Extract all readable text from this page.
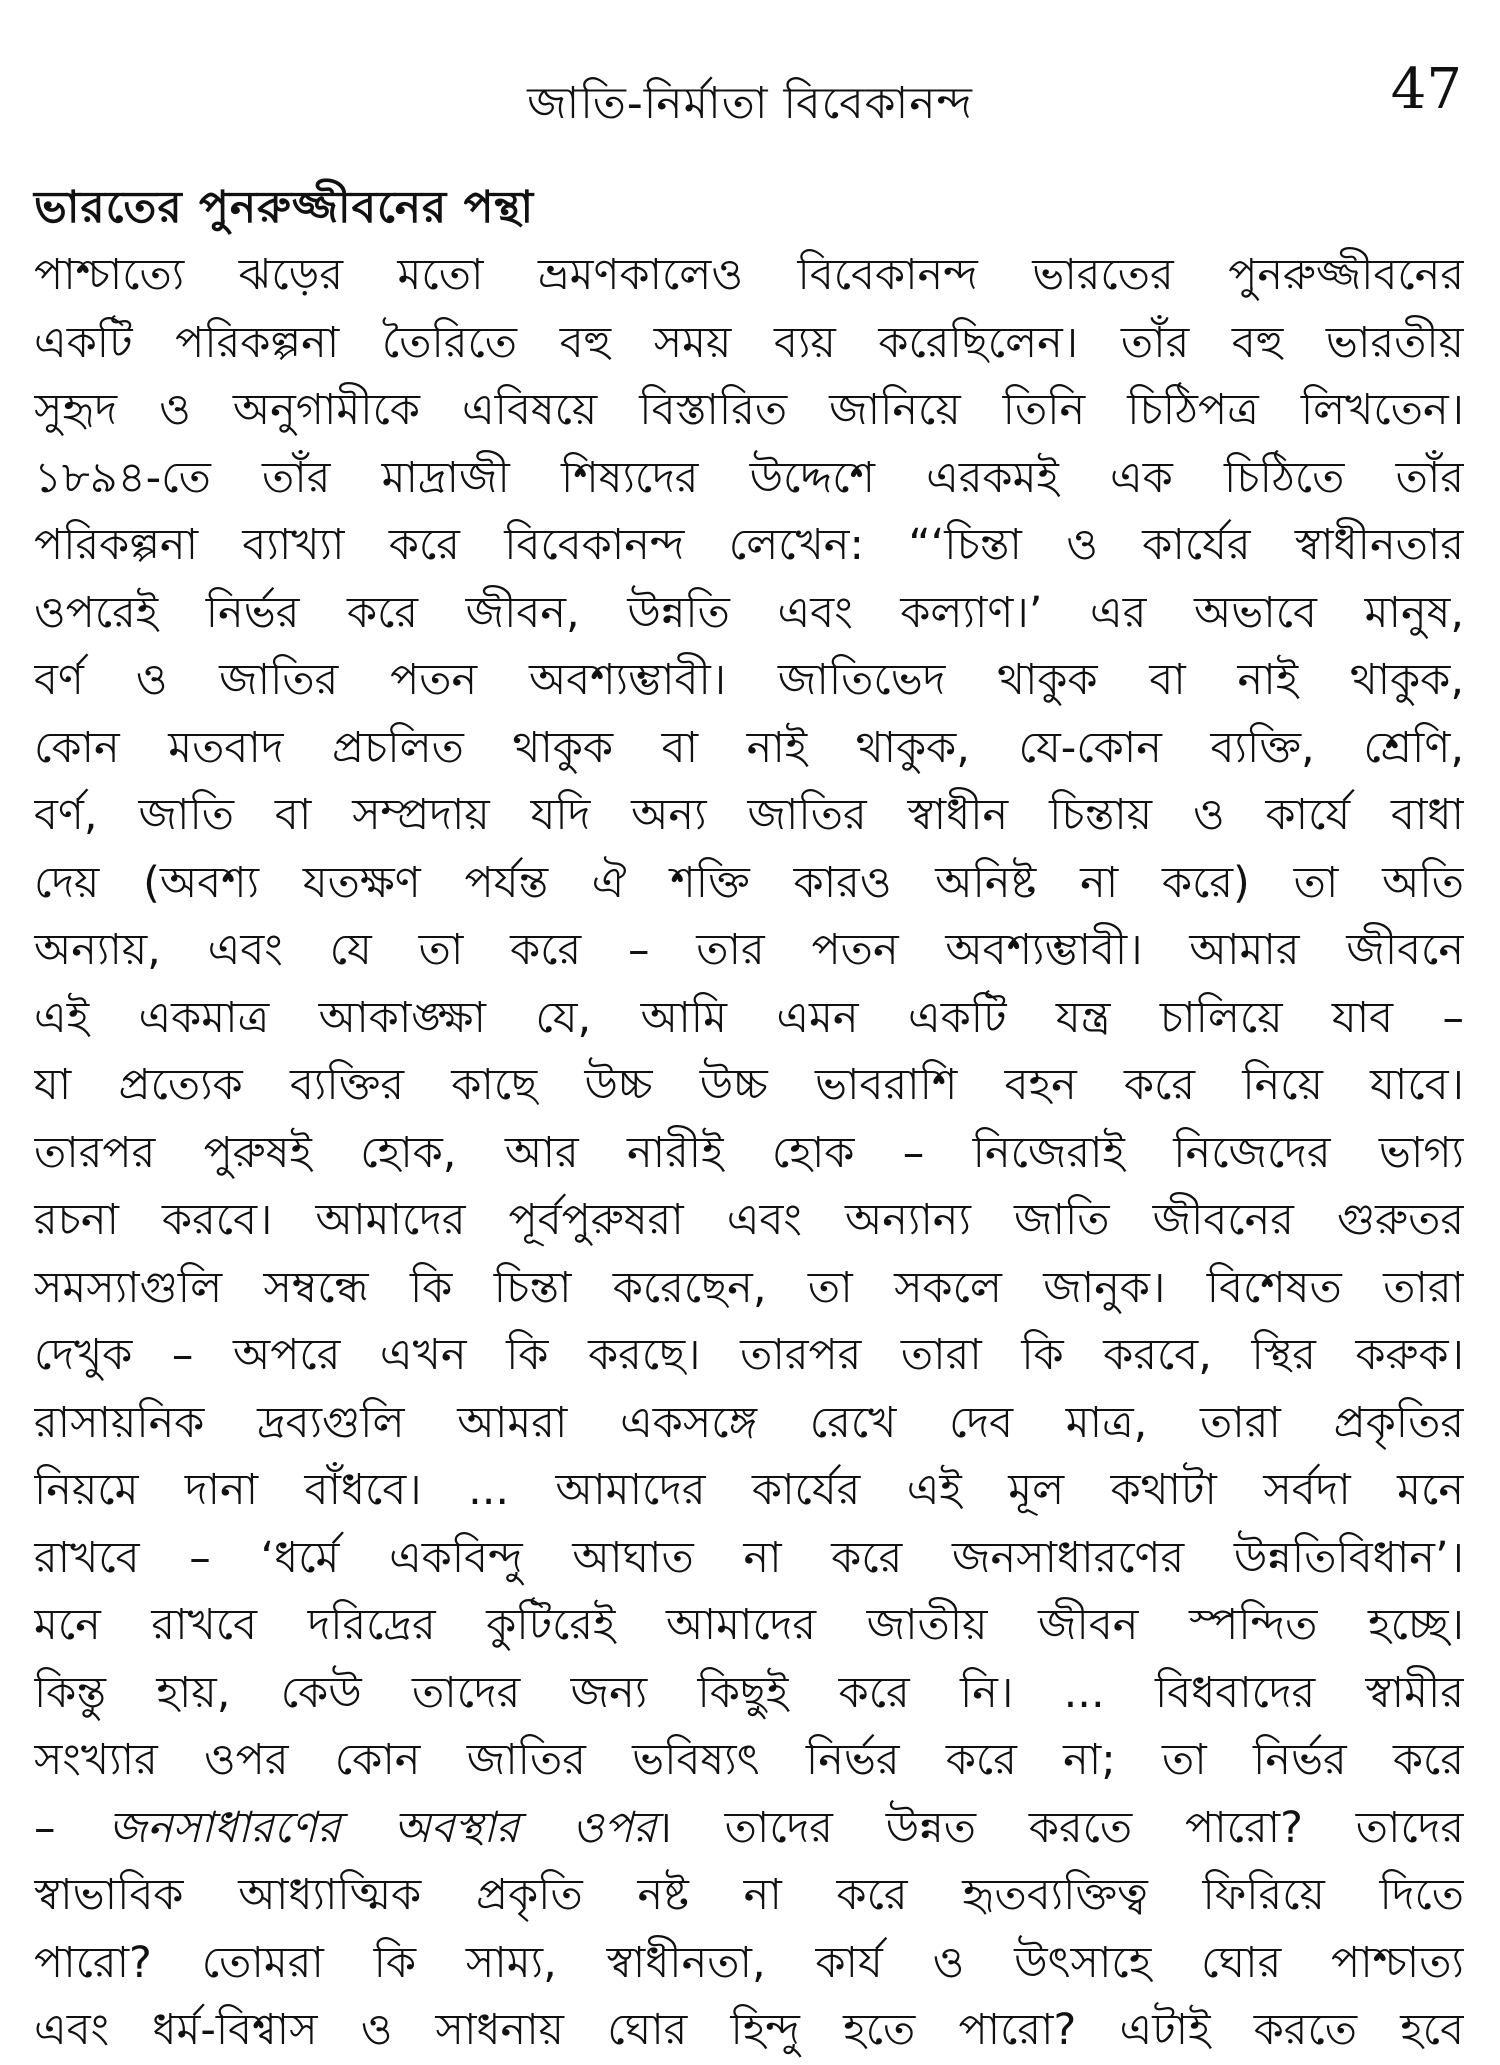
জাতি-নির্মাতা বিবেকানন্দ	47
ভারতের পুনরুজ্জীবনের পন্থা
পাশ্চাত্যে ঝড়ের মতো ভ্রমণকালেও বিবেকানন্দ ভারতের পুনরুজ্জীবনের
একটি পরিকল্পনা তৈরিতে বহু সময় ব্যয় করেছিলেন। তাঁর বহু ভারতীয়
সুহৃদ ও অনুগামীকে এবিষয়ে বিস্তারিত জানিয়ে তিনি চিঠিপত্র লিখতেন।
১৮৯৪-তে তাঁর মাদ্রাজী শিষ্যদের উদ্দেশে এরকমই এক চিঠিতে তাঁর
পরিকল্পনা ব্যাখ্যা করে বিবেকানন্দ লেখেন: “‘চিন্তা ও কার্যের স্বাধীনতার
ওপরেই নির্ভর করে জীবন, উন্নতি এবং কল্যাণ।’ এর অভাবে মানুষ,
বর্ণ ও জাতির পতন অবশ্যম্ভাবী। জাতিভেদ থাকুক বা নাই থাকুক,
কোন মতবাদ প্রচলিত থাকুক বা নাই থাকুক, যে-কোন ব্যক্তি, শ্রেণি,
বর্ণ, জাতি বা সম্প্রদায় যদি অন্য জাতির স্বাধীন চিন্তায় ও কার্যে বাধা
দেয় (অবশ্য যতক্ষণ পর্যন্ত ঐ শক্তি কারও অনিষ্ট না করে) তা অতি
অন্যায়, এবং যে তা করে – তার পতন অবশ্যম্ভাবী। আমার জীবনে
এই একমাত্র আকাঙ্ক্ষা যে, আমি এমন একটি যন্ত্র চালিয়ে যাব –
যা প্রত্যেক ব্যক্তির কাছে উচ্চ উচ্চ ভাবরাশি বহন করে নিয়ে যাবে।
তারপর পুরুষই হোক, আর নারীই হোক – নিজেরাই নিজেদের ভাগ্য
রচনা করবে। আমাদের পূর্বপুরুষরা এবং অন্যান্য জাতি জীবনের গুরুতর
সমস্যাগুলি সম্বন্ধে কি চিন্তা করেছেন, তা সকলে জানুক। বিশেষত তারা
দেখুক – অপরে এখন কি করছে। তারপর তারা কি করবে, স্থির করুক।
রাসায়নিক দ্রব্যগুলি আমরা একসঙ্গে রেখে দেব মাত্র, তারা প্রকৃতির
নিয়মে দানা বাঁধবে। ... আমাদের কার্যের এই মূল কথাটা সর্বদা মনে
রাখবে – ‘ধর্মে একবিন্দু আঘাত না করে জনসাধারণের উন্নতিবিধান’।
মনে রাখবে দরিদ্রের কুটিরেই আমাদের জাতীয় জীবন স্পন্দিত হচ্ছে।
কিন্তু হায়, কেউ তাদের জন্য কিছুই করে নি। ... বিধবাদের স্বামীর
সংখ্যার ওপর কোন জাতির ভবিষ্যৎ নির্ভর করে না; তা নির্ভর করে
– জনসাধারণের অবস্থার ওপর। তাদের উন্নত করতে পারো? তাদের
স্বাভাবিক আধ্যাত্মিক প্রকৃতি নষ্ট না করে হৃতব্যক্তিত্ব ফিরিয়ে দিতে
পারো? তোমরা কি সাম্য, স্বাধীনতা, কার্য ও উৎসাহে ঘোর পাশ্চাত্য
এবং ধর্ম-বিশ্বাস ও সাধনায় ঘোর হিন্দু হতে পারো? এটাই করতে হবে
